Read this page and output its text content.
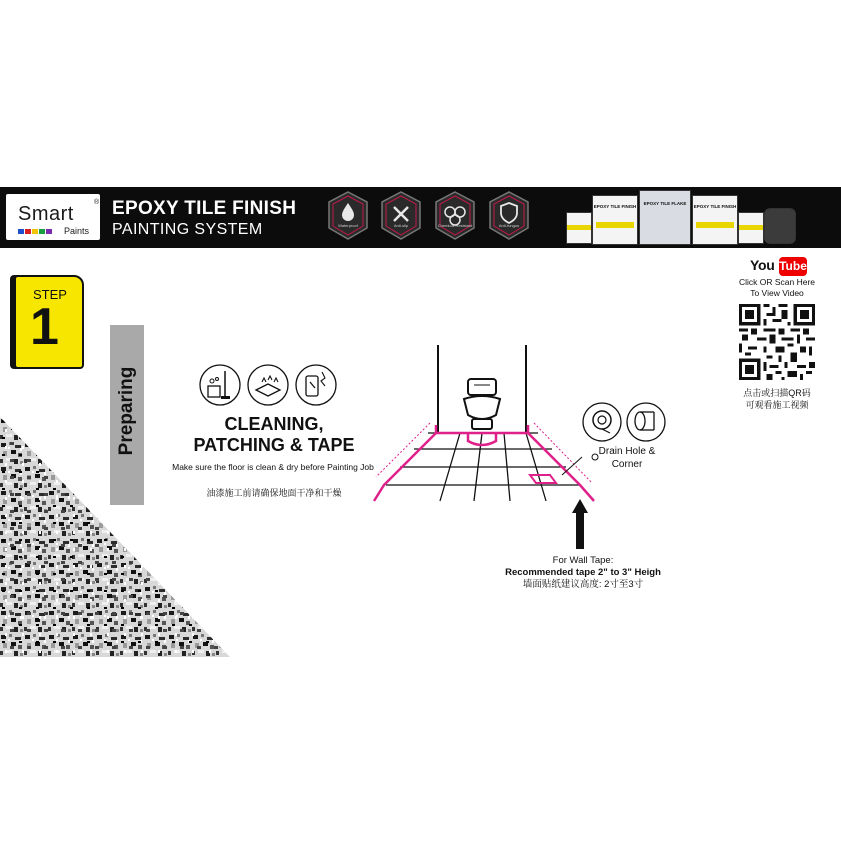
Smart
®
Paints
EPOXY TILE FINISH
PAINTING SYSTEM	Waterproof	Anti-slip	Chemical Resistant	Anti-fungus
EPOXY TILE FINISH
EPOXY TILE FLAKE
EPOXY TILE FINISH
STEP
1
Preparing	CLEANING,
PATCHING & TAPE
Make sure the floor is clean & dry before Painting Job
油漆施工前请确保地面干净和干燥
Drain Hole &
Corner
For Wall Tape:
Recommended tape 2" to 3" Heigh
墙面贴纸建议高度: 2寸至3寸
You Tube
Click OR Scan Here
To View Video
点击或扫描QR码
可观看施工视频
